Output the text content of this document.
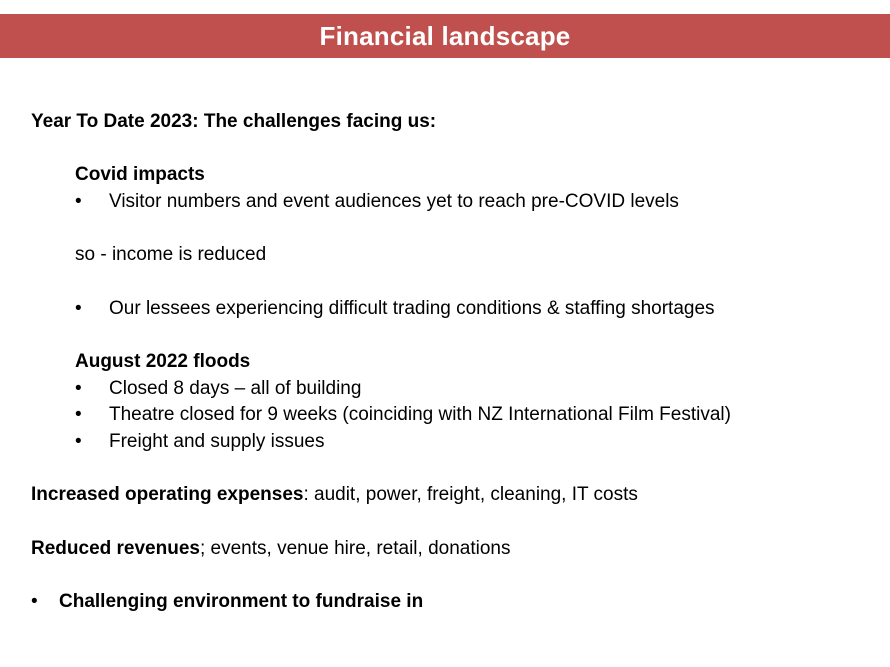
Financial landscape
Year To Date 2023: The challenges facing us:
Covid impacts
•	Visitor numbers and event audiences yet to reach pre-COVID levels
so - income is reduced
•	Our lessees experiencing difficult trading conditions & staffing shortages
August 2022 floods
•	Closed 8 days – all of building
•	Theatre closed for 9 weeks (coinciding with NZ International Film Festival)
•	Freight and supply issues
Increased operating expenses: audit, power, freight, cleaning, IT costs
Reduced revenues; events, venue hire, retail, donations
•	Challenging environment to fundraise in
